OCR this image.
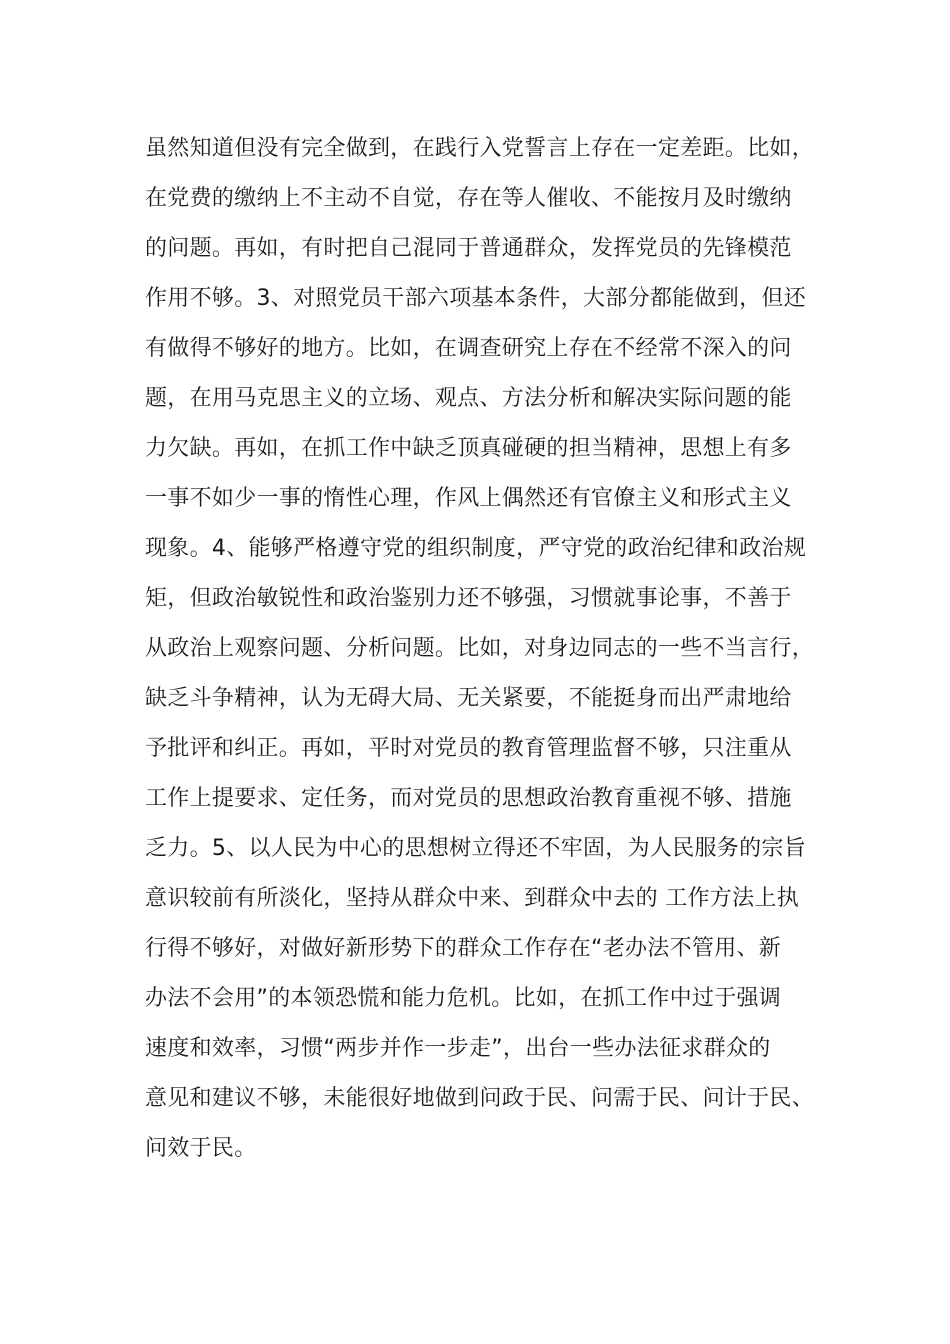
虽然知道但没有完全做到，在践行入党誓言上存在一定差距。比如，
在党费的缴纳上不主动不自觉，存在等人催收、不能按月及时缴纳
的问题。再如，有时把自己混同于普通群众，发挥党员的先锋模范
作用不够。3、对照党员干部六项基本条件，大部分都能做到，但还
有做得不够好的地方。比如，在调查研究上存在不经常不深入的问
题，在用马克思主义的立场、观点、方法分析和解决实际问题的能
力欠缺。再如，在抓工作中缺乏顶真碰硬的担当精神，思想上有多
一事不如少一事的惰性心理，作风上偶然还有官僚主义和形式主义
现象。4、能够严格遵守党的组织制度，严守党的政治纪律和政治规
矩，但政治敏锐性和政治鉴别力还不够强，习惯就事论事，不善于
从政治上观察问题、分析问题。比如，对身边同志的一些不当言行，
缺乏斗争精神，认为无碍大局、无关紧要，不能挺身而出严肃地给
予批评和纠正。再如，平时对党员的教育管理监督不够，只注重从
工作上提要求、定任务，而对党员的思想政治教育重视不够、措施
乏力。5、以人民为中心的思想树立得还不牢固，为人民服务的宗旨
意识较前有所淡化，坚持从群众中来、到群众中去的 工作方法上执
行得不够好，对做好新形势下的群众工作存在“老办法不管用、新
办法不会用”的本领恐慌和能力危机。比如，在抓工作中过于强调
速度和效率，习惯“两步并作一步走”，出台一些办法征求群众的
意见和建议不够，未能很好地做到问政于民、问需于民、问计于民、
问效于民。
